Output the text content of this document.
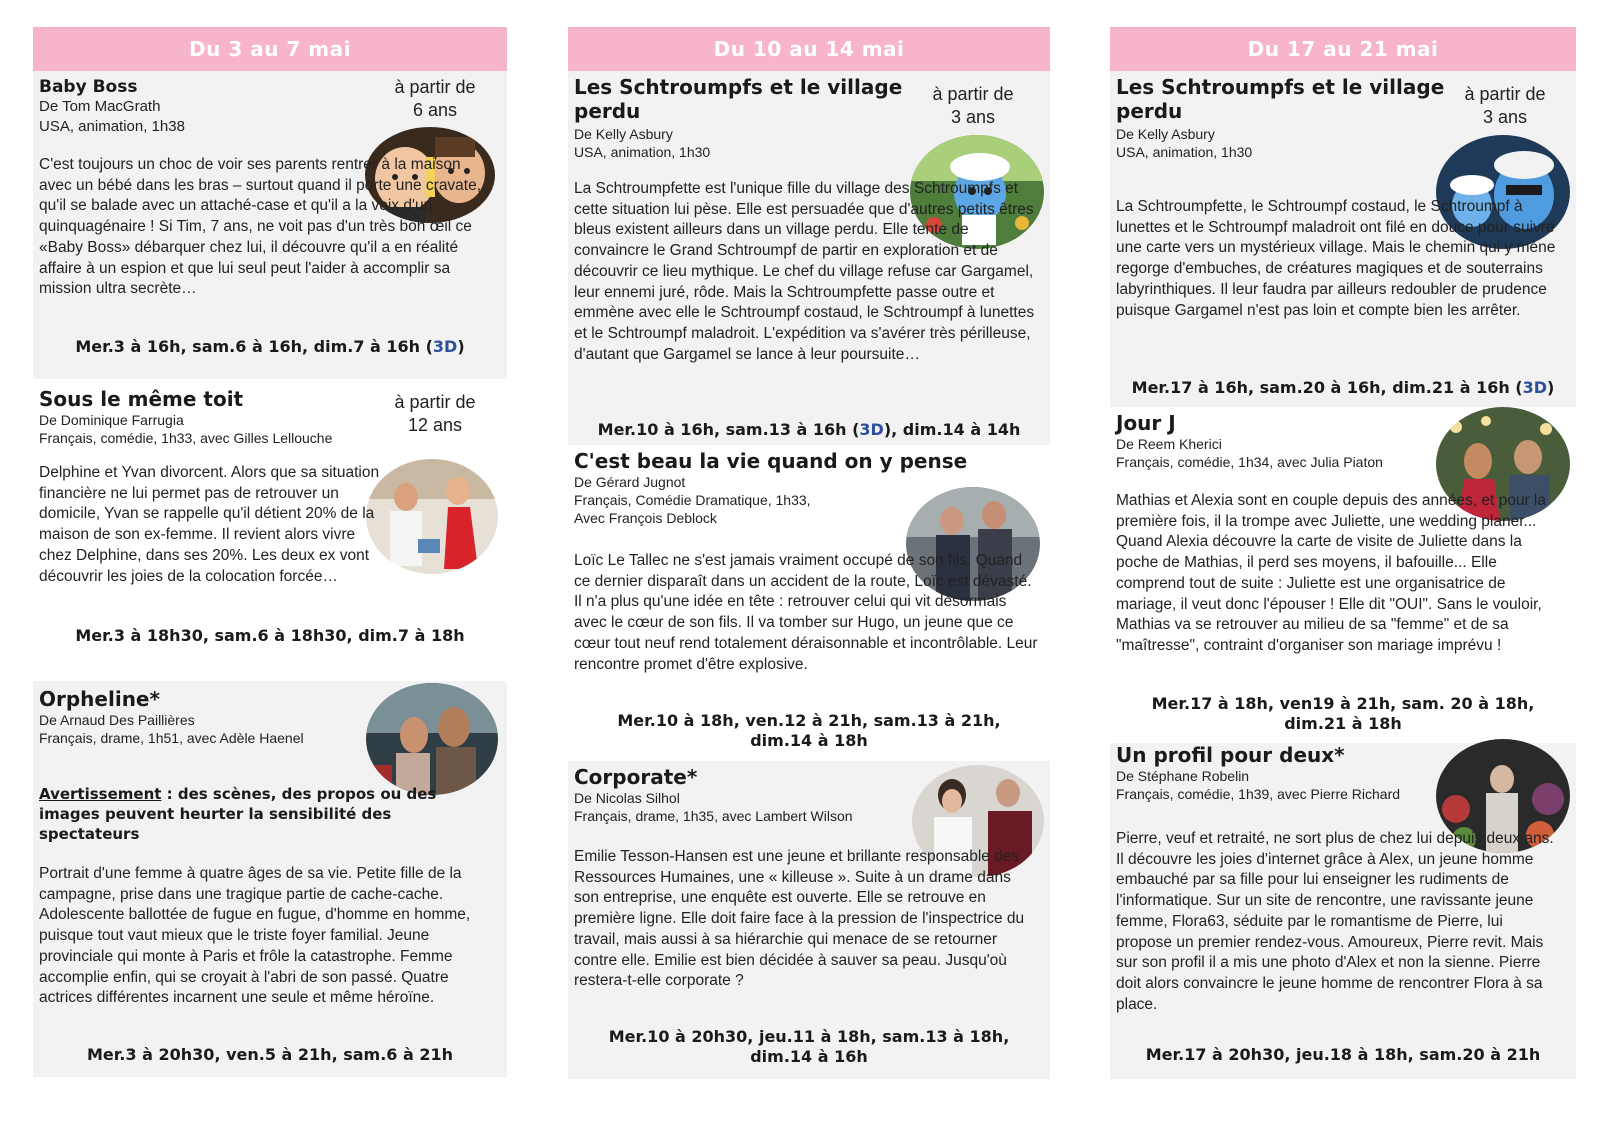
Du 3 au 7 mai
Baby Boss
De Tom MacGrath
USA, animation, 1h38
à partir de
6 ans
C'est toujours un choc de voir ses parents rentrer à la maison avec un bébé dans les bras – surtout quand il porte une cravate, qu'il se balade avec un attaché-case et qu'il a la voix d'un quinquagénaire ! Si Tim, 7 ans, ne voit pas d'un très bon œil ce «Baby Boss» débarquer chez lui, il découvre qu'il a en réalité affaire à un espion et que lui seul peut l'aider à accomplir sa mission ultra secrète…
Mer.3 à 16h, sam.6 à 16h, dim.7 à 16h (3D)
Sous le même toit
De Dominique Farrugia
Français, comédie, 1h33, avec Gilles Lellouche
à partir de
12 ans
Delphine et Yvan divorcent. Alors que sa situation financière ne lui permet pas de retrouver un domicile, Yvan se rappelle qu'il détient 20% de la maison de son ex-femme. Il revient alors vivre chez Delphine, dans ses 20%. Les deux ex vont découvrir les joies de la colocation forcée…
Mer.3 à 18h30, sam.6 à 18h30, dim.7 à 18h
Orpheline*
De Arnaud Des Paillières
Français, drame, 1h51, avec Adèle Haenel
Avertissement : des scènes, des propos ou des images peuvent heurter la sensibilité des spectateurs
Portrait d'une femme à quatre âges de sa vie. Petite fille de la campagne, prise dans une tragique partie de cache-cache. Adolescente ballottée de fugue en fugue, d'homme en homme, puisque tout vaut mieux que le triste foyer familial. Jeune provinciale qui monte à Paris et frôle la catastrophe. Femme accomplie enfin, qui se croyait à l'abri de son passé. Quatre actrices différentes incarnent une seule et même héroïne.
Mer.3 à 20h30, ven.5 à 21h, sam.6 à 21h
Du 10 au 14 mai
Les Schtroumpfs et le village perdu
De Kelly Asbury
USA, animation, 1h30
à partir de
3 ans
La Schtroumpfette est l'unique fille du village des Schtroumpfs et cette situation lui pèse. Elle est persuadée que d'autres petits êtres bleus existent ailleurs dans un village perdu. Elle tente de convaincre le Grand Schtroumpf de partir en exploration et de découvrir ce lieu mythique. Le chef du village refuse car Gargamel, leur ennemi juré, rôde. Mais la Schtroumpfette passe outre et emmène avec elle le Schtroumpf costaud, le Schtroumpf à lunettes et le Schtroumpf maladroit. L'expédition va s'avérer très périlleuse, d'autant que Gargamel se lance à leur poursuite…
Mer.10 à 16h, sam.13 à 16h (3D), dim.14 à 14h
C'est beau la vie quand on y pense
De Gérard Jugnot
Français, Comédie Dramatique, 1h33,
Avec François Deblock
Loïc Le Tallec ne s'est jamais vraiment occupé de son fils. Quand ce dernier disparaît dans un accident de la route, Loïc est dévasté. Il n'a plus qu'une idée en tête : retrouver celui qui vit désormais avec le cœur de son fils. Il va tomber sur Hugo, un jeune que ce cœur tout neuf rend totalement déraisonnable et incontrôlable. Leur rencontre promet d'être explosive.
Mer.10 à 18h, ven.12 à 21h, sam.13 à 21h,
dim.14 à 18h
Corporate*
De Nicolas Silhol
Français, drame, 1h35, avec Lambert Wilson
Emilie Tesson-Hansen est une jeune et brillante responsable des Ressources Humaines, une « killeuse ». Suite à un drame dans son entreprise, une enquête est ouverte. Elle se retrouve en première ligne. Elle doit faire face à la pression de l'inspectrice du travail, mais aussi à sa hiérarchie qui menace de se retourner contre elle. Emilie est bien décidée à sauver sa peau. Jusqu'où restera-t-elle corporate ?
Mer.10 à 20h30, jeu.11 à 18h, sam.13 à 18h,
dim.14 à 16h
Du 17 au 21 mai
Les Schtroumpfs et le village perdu
De Kelly Asbury
USA, animation, 1h30
à partir de
3 ans
La Schtroumpfette, le Schtroumpf costaud, le Schtroumpf à lunettes et le Schtroumpf maladroit ont filé en douce pour suivre une carte vers un mystérieux village. Mais le chemin qui y mène regorge d'embuches, de créatures magiques et de souterrains labyrinthiques. Il leur faudra par ailleurs redoubler de prudence puisque Gargamel n'est pas loin et compte bien les arrêter.
Mer.17 à 16h, sam.20 à 16h, dim.21 à 16h (3D)
Jour J
De Reem Kherici
Français, comédie, 1h34, avec Julia Piaton
Mathias et Alexia sont en couple depuis des années, et pour la première fois, il la trompe avec Juliette, une wedding planer... Quand Alexia découvre la carte de visite de Juliette dans la poche de Mathias, il perd ses moyens, il bafouille... Elle comprend tout de suite : Juliette est une organisatrice de mariage, il veut donc l'épouser ! Elle dit "OUI". Sans le vouloir, Mathias va se retrouver au milieu de sa "femme" et de sa "maîtresse", contraint d'organiser son mariage imprévu !
Mer.17 à 18h, ven19 à 21h, sam. 20 à 18h,
dim.21 à 18h
Un profil pour deux*
De Stéphane Robelin
Français, comédie, 1h39, avec Pierre Richard
Pierre, veuf et retraité, ne sort plus de chez lui depuis deux ans. Il découvre les joies d'internet grâce à Alex, un jeune homme embauché par sa fille pour lui enseigner les rudiments de l'informatique. Sur un site de rencontre, une ravissante jeune femme, Flora63, séduite par le romantisme de Pierre, lui propose un premier rendez-vous. Amoureux, Pierre revit. Mais sur son profil il a mis une photo d'Alex et non la sienne. Pierre doit alors convaincre le jeune homme de rencontrer Flora à sa place.
Mer.17 à 20h30, jeu.18 à 18h, sam.20 à 21h
